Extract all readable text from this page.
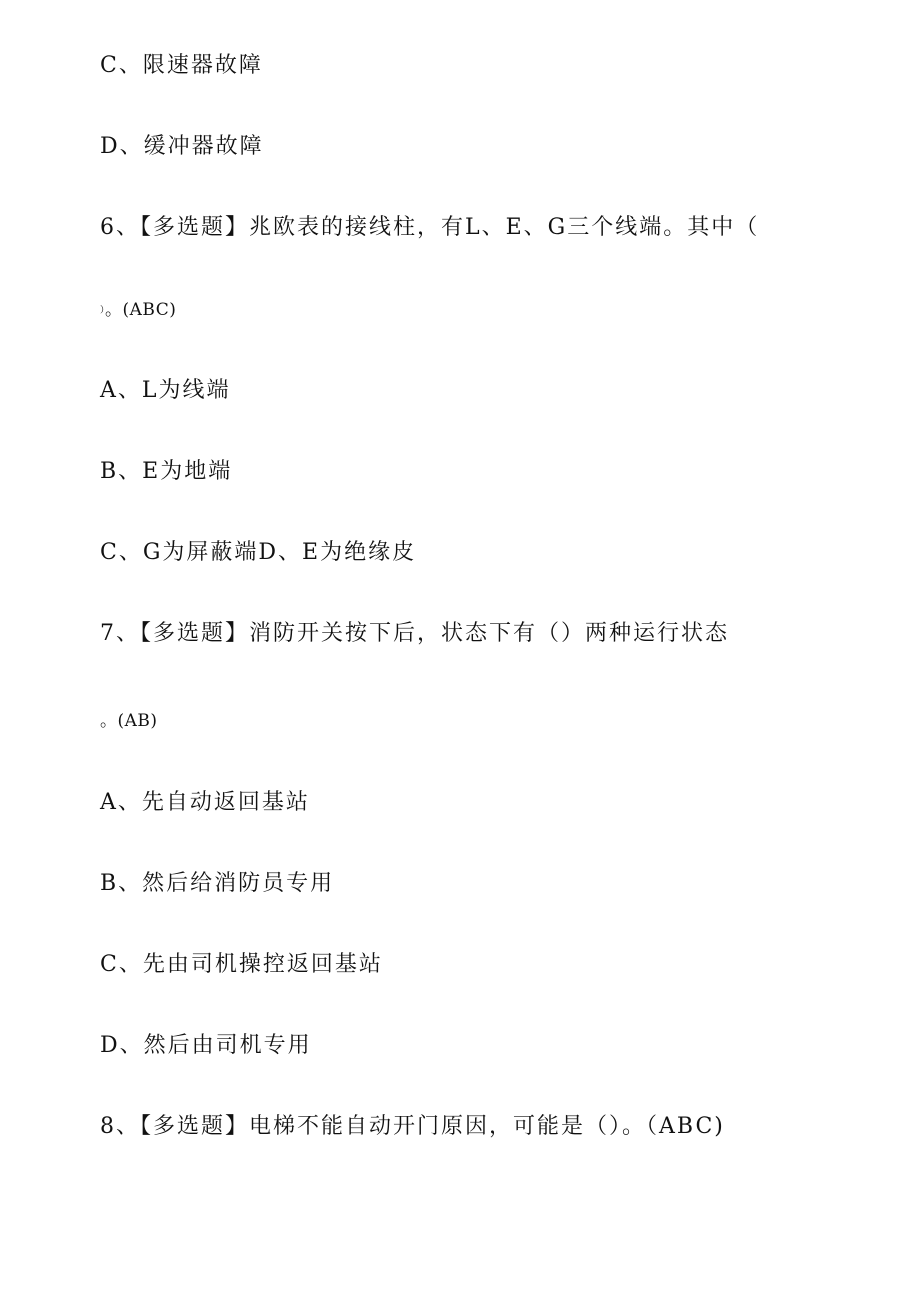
C、限速器故障
D、缓冲器故障
6、【多选题】兆欧表的接线柱，有L、E、G三个线端。其中（
）。(ABC)
A、L为线端
B、E为地端
C、G为屏蔽端D、E为绝缘皮
7、【多选题】消防开关按下后，状态下有（）两种运行状态
。(AB)
A、先自动返回基站
B、然后给消防员专用
C、先由司机操控返回基站
D、然后由司机专用
8、【多选题】电梯不能自动开门原因，可能是（）。（ABC)
